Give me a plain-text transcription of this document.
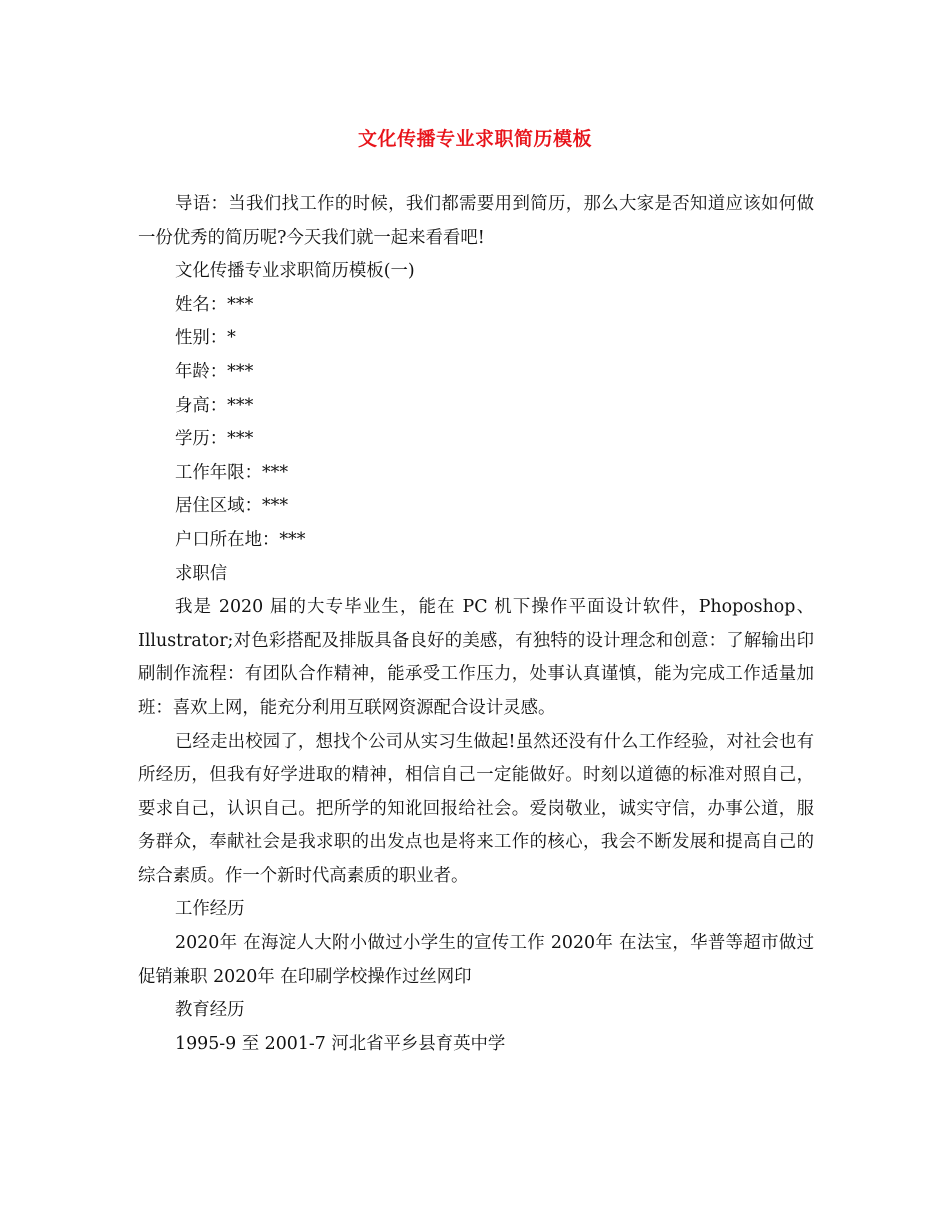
文化传播专业求职简历模板

导语：当我们找工作的时候，我们都需要用到简历，那么大家是否知道应该如何做一份优秀的简历呢?今天我们就一起来看看吧!

文化传播专业求职简历模板(一)

姓名：***

性别：*

年龄：***

身高：***

学历：***

工作年限：***

居住区域：***

户口所在地：***

求职信

我是 2020 届的大专毕业生，能在 PC 机下操作平面设计软件，Phoposhop、Illustrator;对色彩搭配及排版具备良好的美感，有独特的设计理念和创意：了解输出印刷制作流程：有团队合作精神，能承受工作压力，处事认真谨慎，能为完成工作适量加班：喜欢上网，能充分利用互联网资源配合设计灵感。

已经走出校园了，想找个公司从实习生做起!虽然还没有什么工作经验，对社会也有所经历，但我有好学进取的精神，相信自己一定能做好。时刻以道德的标准对照自己，要求自己，认识自己。把所学的知讹回报给社会。爱岗敬业，诚实守信，办事公道，服务群众，奉献社会是我求职的出发点也是将来工作的核心，我会不断发展和提高自己的综合素质。作一个新时代高素质的职业者。

工作经历

2020年 在海淀人大附小做过小学生的宣传工作 2020年 在法宝，华普等超市做过促销兼职 2020年 在印刷学校操作过丝网印

教育经历

1995-9 至 2001-7 河北省平乡县育英中学
